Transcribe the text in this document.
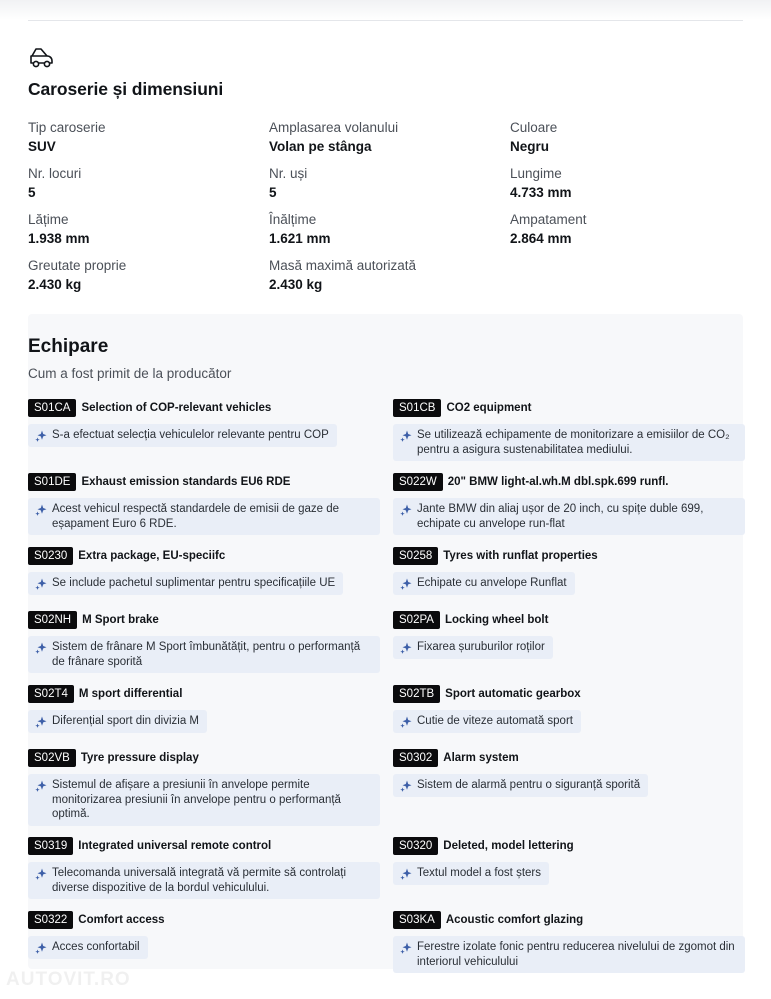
Caroserie și dimensiuni
Tip caroserie
SUV
Amplasarea volanului
Volan pe stânga
Culoare
Negru
Nr. locuri
5
Nr. uși
5
Lungime
4.733 mm
Lățime
1.938 mm
Înălțime
1.621 mm
Ampatament
2.864 mm
Greutate proprie
2.430 kg
Masă maximă autorizată
2.430 kg
Echipare
Cum a fost primit de la producător
S01CA Selection of COP-relevant vehicles
S-a efectuat selecția vehiculelor relevante pentru COP
S01CB CO2 equipment
Se utilizează echipamente de monitorizare a emisiilor de CO₂ pentru a asigura sustenabilitatea mediului.
S01DE Exhaust emission standards EU6 RDE
Acest vehicul respectă standardele de emisii de gaze de eșapament Euro 6 RDE.
S022W 20" BMW light-al.wh.M dbl.spk.699 runfl.
Jante BMW din aliaj ușor de 20 inch, cu spițe duble 699, echipate cu anvelope run-flat
S0230 Extra package, EU-speciifc
Se include pachetul suplimentar pentru specificațiile UE
S0258 Tyres with runflat properties
Echipate cu anvelope Runflat
S02NH M Sport brake
Sistem de frânare M Sport îmbunătățit, pentru o performanță de frânare sporită
S02PA Locking wheel bolt
Fixarea șuruburilor roților
S02T4 M sport differential
Diferențial sport din divizia M
S02TB Sport automatic gearbox
Cutie de viteze automată sport
S02VB Tyre pressure display
Sistemul de afișare a presiunii în anvelope permite monitorizarea presiunii în anvelope pentru o performanță optimă.
S0302 Alarm system
Sistem de alarmă pentru o siguranță sporită
S0319 Integrated universal remote control
Telecomanda universală integrată vă permite să controlați diverse dispozitive de la bordul vehiculului.
S0320 Deleted, model lettering
Textul model a fost șters
S0322 Comfort access
Acces confortabil
S03KA Acoustic comfort glazing
Ferestre izolate fonic pentru reducerea nivelului de zgomot din interiorul vehiculului
AUTOVIT.RO
